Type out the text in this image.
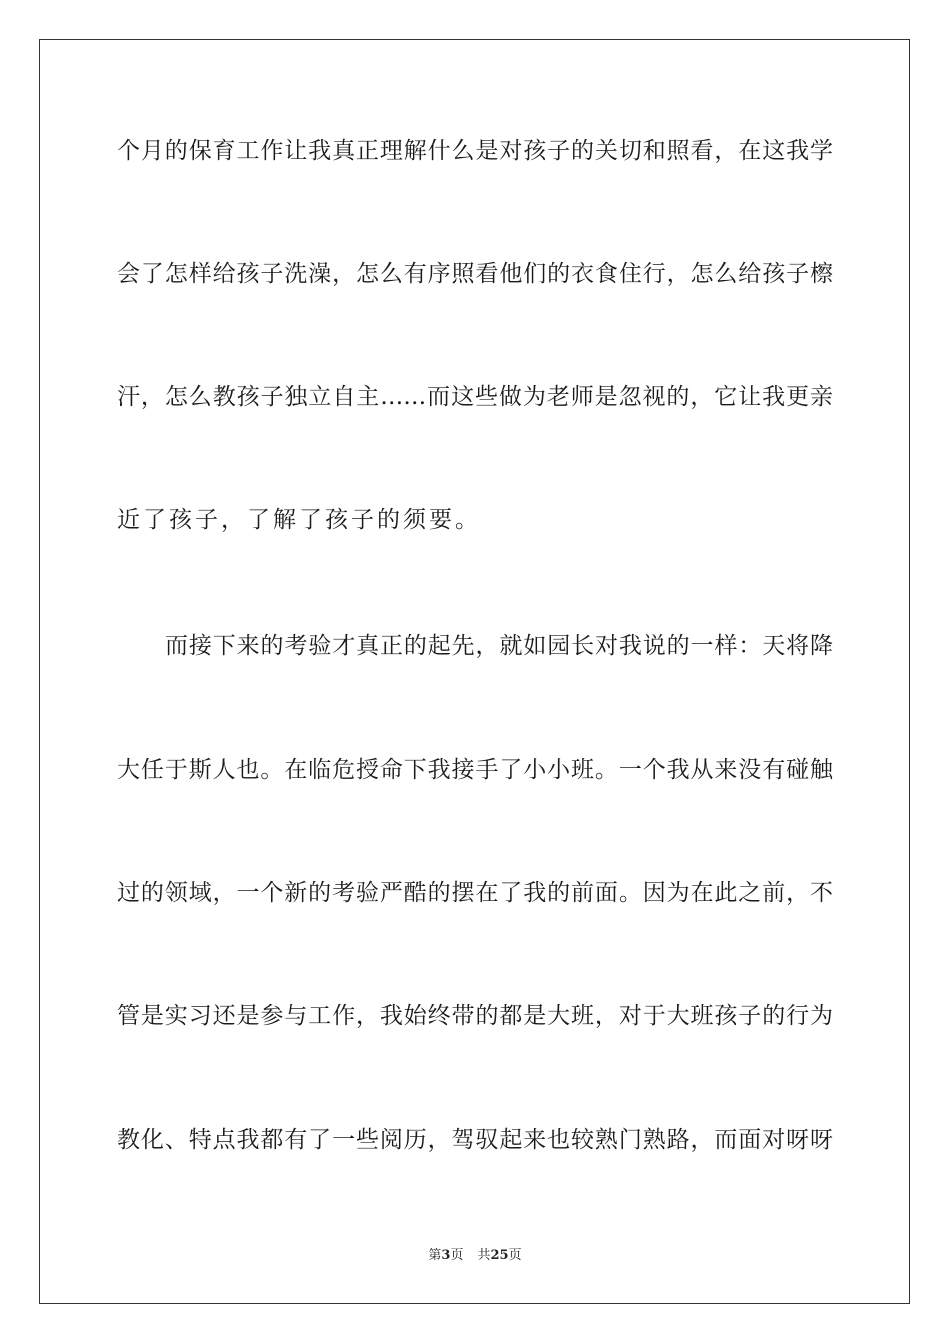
个月的保育工作让我真正理解什么是对孩子的关切和照看，在这我学
会了怎样给孩子洗澡，怎么有序照看他们的衣食住行，怎么给孩子檫
汗，怎么教孩子独立自主……而这些做为老师是忽视的，它让我更亲
近了孩子，了解了孩子的须要。
而接下来的考验才真正的起先，就如园长对我说的一样：天将降
大任于斯人也。在临危授命下我接手了小小班。一个我从来没有碰触
过的领域，一个新的考验严酷的摆在了我的前面。因为在此之前，不
管是实习还是参与工作，我始终带的都是大班，对于大班孩子的行为
教化、特点我都有了一些阅历，驾驭起来也较熟门熟路，而面对呀呀
第3页 共25页
